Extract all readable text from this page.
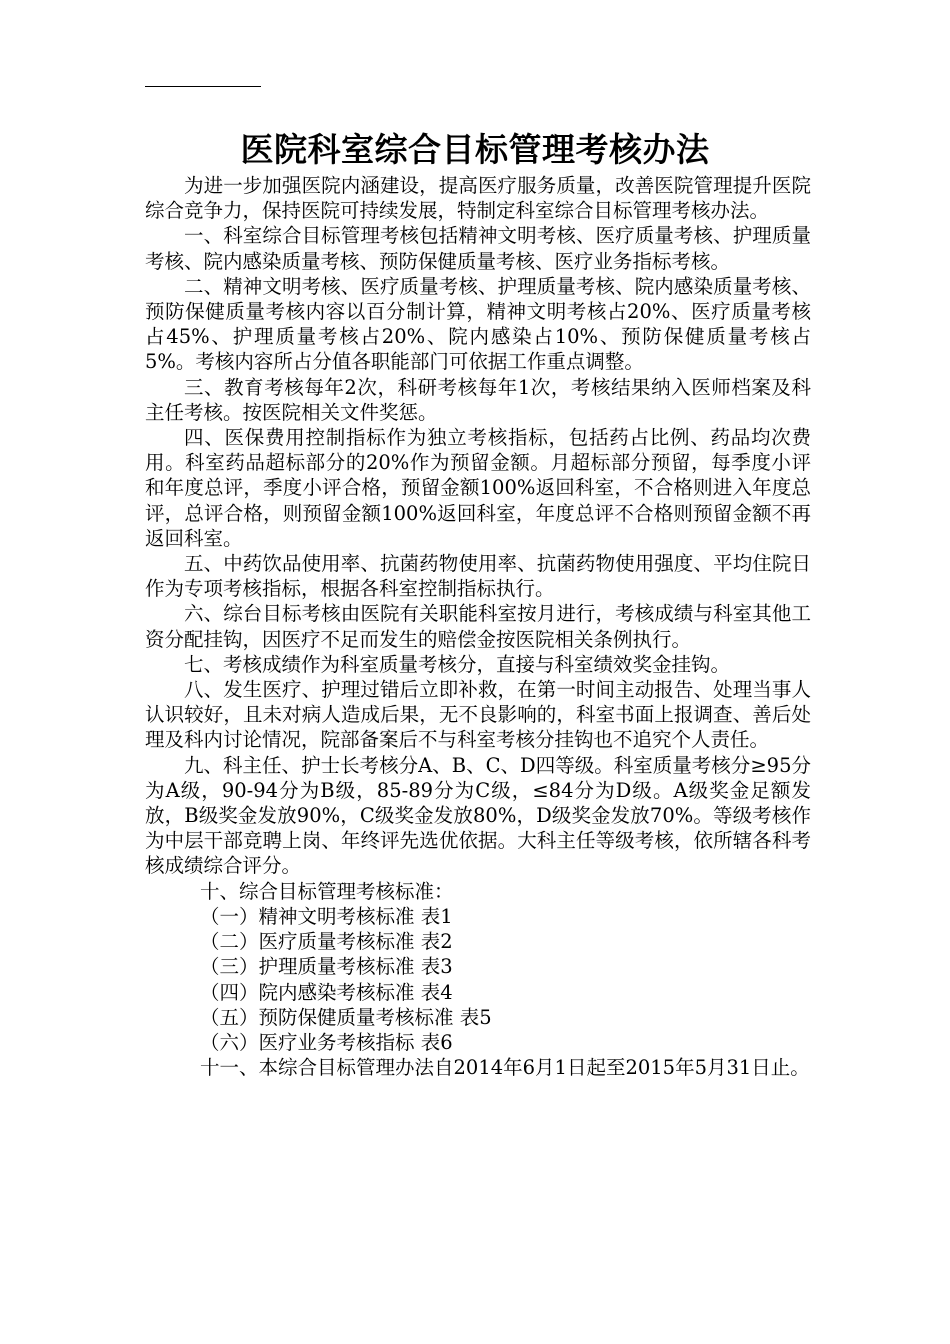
医院科室综合目标管理考核办法

为进一步加强医院内涵建设，提高医疗服务质量，改善医院管理提升医院综合竞争力，保持医院可持续发展，特制定科室综合目标管理考核办法。

一、科室综合目标管理考核包括精神文明考核、医疗质量考核、护理质量考核、院内感染质量考核、预防保健质量考核、医疗业务指标考核。

二、精神文明考核、医疗质量考核、护理质量考核、院内感染质量考核、预防保健质量考核内容以百分制计算，精神文明考核占20%、医疗质量考核占45%、护理质量考核占20%、院内感染占10%、预防保健质量考核占5%。考核内容所占分值各职能部门可依据工作重点调整。

三、教育考核每年2次，科研考核每年1次，考核结果纳入医师档案及科主任考核。按医院相关文件奖惩。

四、医保费用控制指标作为独立考核指标，包括药占比例、药品均次费用。科室药品超标部分的20%作为预留金额。月超标部分预留，每季度小评和年度总评，季度小评合格，预留金额100%返回科室，不合格则进入年度总评，总评合格，则预留金额100%返回科室，年度总评不合格则预留金额不再返回科室。

五、中药饮品使用率、抗菌药物使用率、抗菌药物使用强度、平均住院日作为专项考核指标，根据各科室控制指标执行。

六、综台目标考核由医院有关职能科室按月进行，考核成绩与科室其他工资分配挂钩，因医疗不足而发生的赔偿金按医院相关条例执行。

七、考核成绩作为科室质量考核分，直接与科室绩效奖金挂钩。

八、发生医疗、护理过错后立即补救，在第一时间主动报告、处理当事人认识较好，且未对病人造成后果，无不良影响的，科室书面上报调查、善后处理及科内讨论情况，院部备案后不与科室考核分挂钩也不追究个人责任。

九、科主任、护士长考核分A、B、C、D四等级。科室质量考核分≥95分为A级，90-94分为B级，85-89分为C级，≤84分为D级。A级奖金足额发放，B级奖金发放90%，C级奖金发放80%，D级奖金发放70%。等级考核作为中层干部竞聘上岗、年终评先选优依据。大科主任等级考核，依所辖各科考核成绩综合评分。

十、综合目标管理考核标准：

（一）精神文明考核标准 表1

（二）医疗质量考核标准 表2

（三）护理质量考核标准 表3

（四）院内感染考核标准 表4

（五）预防保健质量考核标准 表5

（六）医疗业务考核指标 表6

十一、本综合目标管理办法自2014年6月1日起至2015年5月31日止。
